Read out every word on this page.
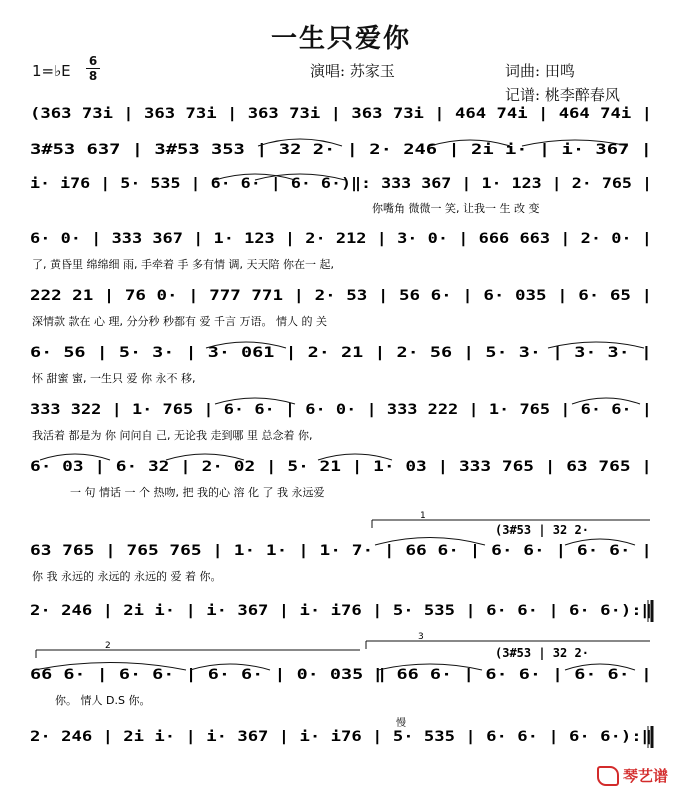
一生只爱你
1=♭E
6
8	演唱: 苏家玉	词曲: 田鸣
记谱: 桃李醉春风
(363 73i | 363 73i | 363 73i | 363 73i | 464 74i | 464 74i |
3#53 637 | 3#53 353 | 32 2· | 2· 246 | 2i i· | i· 367 |
i· i76 | 5· 535 | 6· 6· | 6· 6·)‖: 333 367 | 1· 123 | 2· 765 |
6· 0· | 333 367 | 1· 123 | 2· 212 | 3· 0· | 666 663 | 2· 0· |
222 21 | 76 0· | 777 771 | 2· 53 | 56 6· | 6· 035 | 6· 65 |
6· 56 | 5· 3· | 3· 061 | 2· 21 | 2· 56 | 5· 3· | 3· 3· |
333 322 | 1· 765 | 6· 6· | 6· 0· | 333 222 | 1· 765 | 6· 6· |
6· 03 | 6· 32 | 2· 02 | 5· 21 | 1· 03 | 333 765 | 63 765 |
63 765 | 765 765 | 1· 1· | 1· 7· | 66 6· | 6· 6· | 6· 6· |
2· 246 | 2i i· | i· 367 | i· i76 | 5· 535 | 6· 6· | 6· 6·):‖
66 6· | 6· 6· | 6· 6· | 0· 035 ‖ 66 6· | 6· 6· | 6· 6· |
2· 246 | 2i i· | i· 367 | i· i76 | 5· 535 | 6· 6· | 6· 6·):‖
你嘴角 微微一 笑, 让我一 生 改 变
了, 黄昏里 绵绵细 雨, 手牵着 手 多有情 调, 天天陪 你在一 起,
深情款 款在 心 理, 分分秒 秒都有 爱 千言 万语。 情人 的 关
怀 甜蜜 蜜, 一生只 爱 你 永不 移,
我活着 都是为 你 问问自 己, 无论我 走到哪 里 总念着 你,
一 句 情话 一 个 热吻, 把 我的心 溶 化 了 我 永远爱
你 我 永远的 永远的 永远的 爱 着 你。
你。 情人 D.S 你。
1
2
3
(3#53 | 32 2·
(3#53 | 32 2·
慢
琴艺谱
